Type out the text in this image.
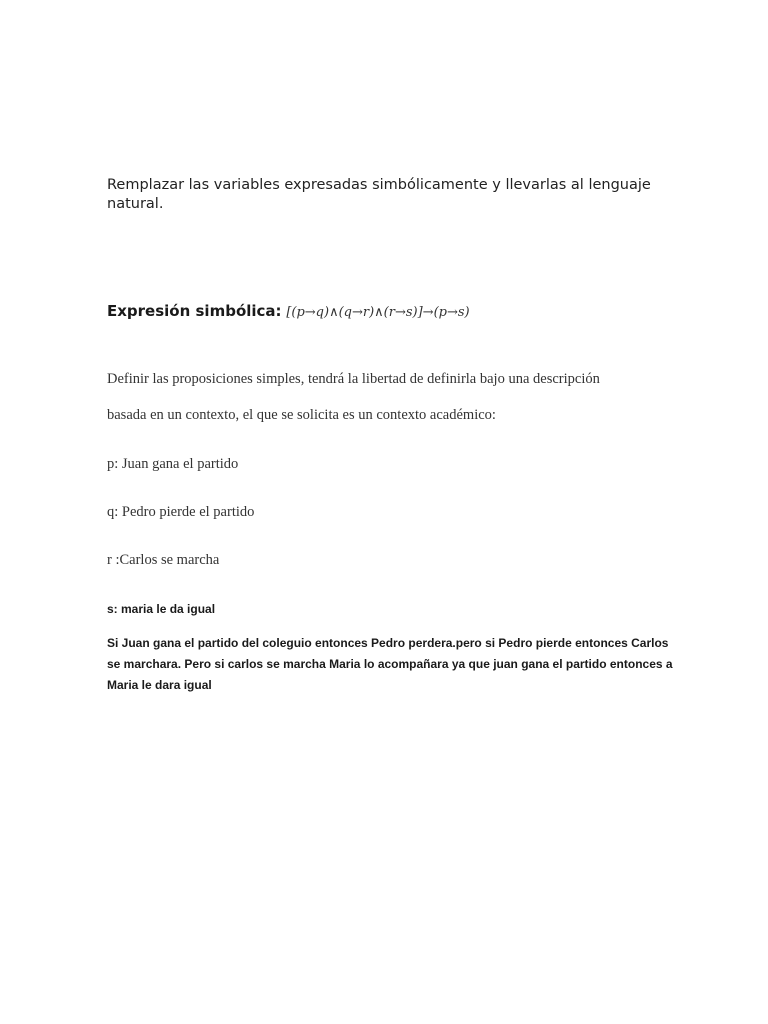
Remplazar las variables expresadas simbólicamente y llevarlas al lenguaje natural.

Expresión simbólica: [(p→q)∧(q→r)∧(r→s)]→(p→s)
Definir las proposiciones simples, tendrá la libertad de definirla bajo una descripción
basada en un contexto, el que se solicita es un contexto académico:
p: Juan gana el partido
q: Pedro pierde el partido
r :Carlos se marcha
s: maria le da igual
Si Juan gana el partido del coleguio entonces Pedro perdera.pero si Pedro pierde entonces Carlos
se marchara. Pero si carlos se marcha Maria lo acompañara ya que juan gana el partido entonces a
Maria le dara igual
